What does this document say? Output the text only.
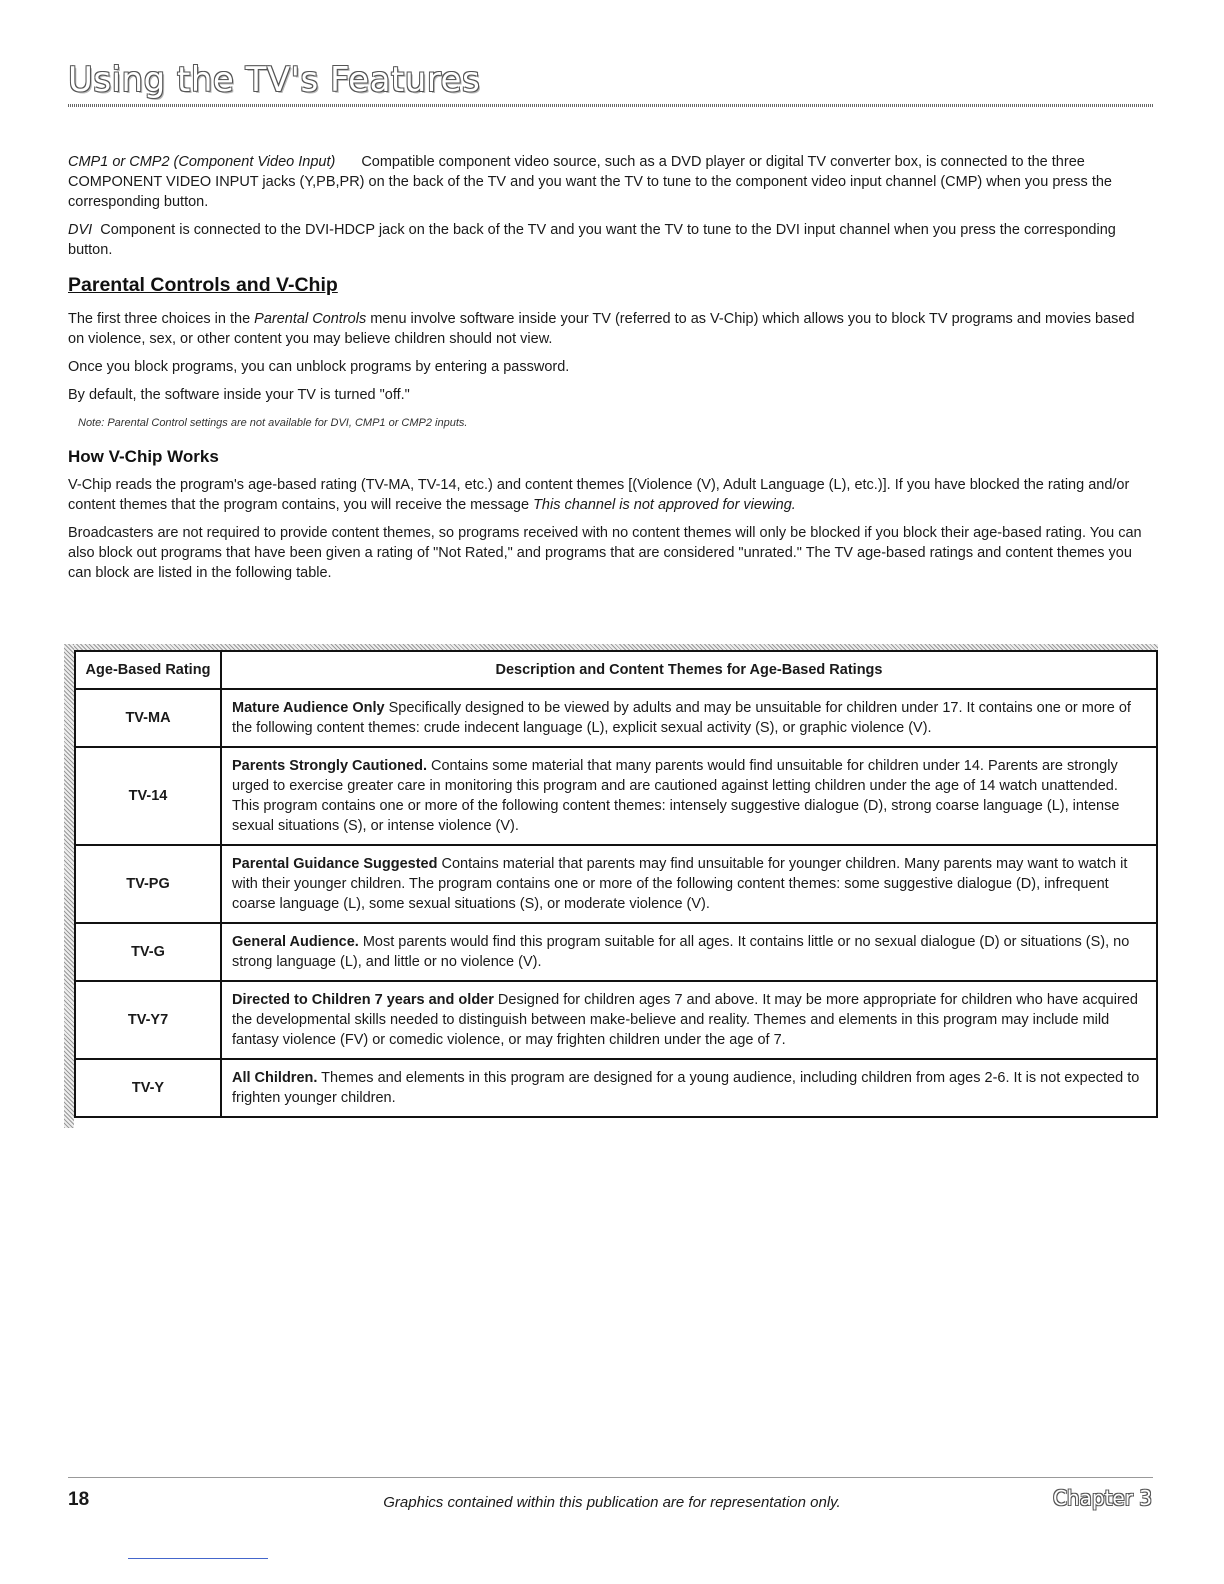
Using the TV's Features

CMP1 or CMP2 (Component Video Input) Compatible component video source, such as a DVD player or digital TV converter box, is connected to the three COMPONENT VIDEO INPUT jacks (Y,PB,PR) on the back of the TV and you want the TV to tune to the component video input channel (CMP) when you press the corresponding button.

DVI Component is connected to the DVI-HDCP jack on the back of the TV and you want the TV to tune to the DVI input channel when you press the corresponding button.

Parental Controls and V-Chip

The first three choices in the Parental Controls menu involve software inside your TV (referred to as V-Chip) which allows you to block TV programs and movies based on violence, sex, or other content you may believe children should not view.

Once you block programs, you can unblock programs by entering a password.

By default, the software inside your TV is turned "off."

Note: Parental Control settings are not available for DVI, CMP1 or CMP2 inputs.

How V-Chip Works

V-Chip reads the program's age-based rating (TV-MA, TV-14, etc.) and content themes [(Violence (V), Adult Language (L), etc.)]. If you have blocked the rating and/or content themes that the program contains, you will receive the message This channel is not approved for viewing.

Broadcasters are not required to provide content themes, so programs received with no content themes will only be blocked if you block their age-based rating. You can also block out programs that have been given a rating of "Not Rated," and programs that are considered "unrated." The TV age-based ratings and content themes you can block are listed in the following table.

Age-Based Rating	Description and Content Themes for Age-Based Ratings
TV-MA	Mature Audience Only Specifically designed to be viewed by adults and may be unsuitable for children under 17. It contains one or more of the following content themes: crude indecent language (L), explicit sexual activity (S), or graphic violence (V).
TV-14	Parents Strongly Cautioned. Contains some material that many parents would find unsuitable for children under 14. Parents are strongly urged to exercise greater care in monitoring this program and are cautioned against letting children under the age of 14 watch unattended. This program contains one or more of the following content themes: intensely suggestive dialogue (D), strong coarse language (L), intense sexual situations (S), or intense violence (V).
TV-PG	Parental Guidance Suggested Contains material that parents may find unsuitable for younger children. Many parents may want to watch it with their younger children. The program contains one or more of the following content themes: some suggestive dialogue (D), infrequent coarse language (L), some sexual situations (S), or moderate violence (V).
TV-G	General Audience. Most parents would find this program suitable for all ages. It contains little or no sexual dialogue (D) or situations (S), no strong language (L), and little or no violence (V).
TV-Y7	Directed to Children 7 years and older Designed for children ages 7 and above. It may be more appropriate for children who have acquired the developmental skills needed to distinguish between make-believe and reality. Themes and elements in this program may include mild fantasy violence (FV) or comedic violence, or may frighten children under the age of 7.
TV-Y	All Children. Themes and elements in this program are designed for a young audience, including children from ages 2-6. It is not expected to frighten younger children.

18	Graphics contained within this publication are for representation only.	Chapter 3
